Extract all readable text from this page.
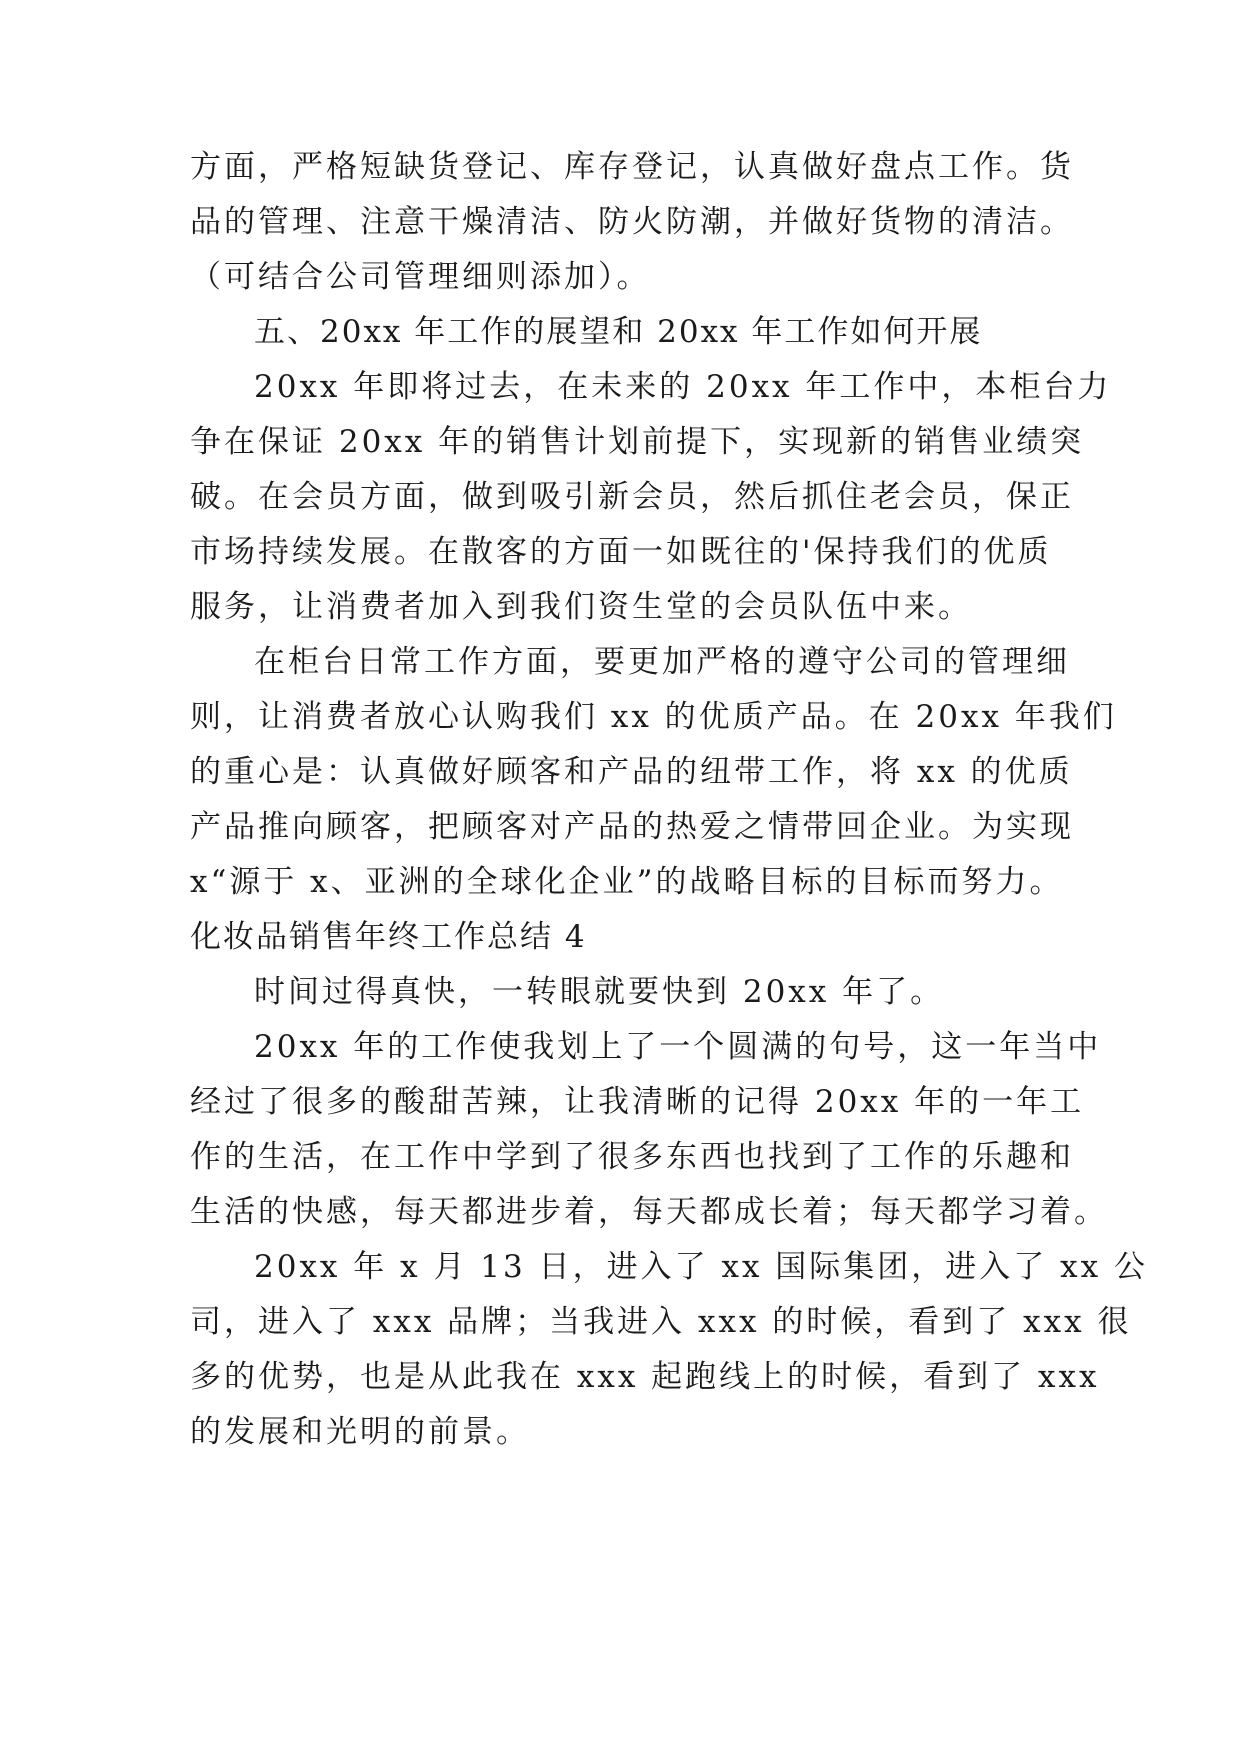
方面，严格短缺货登记、库存登记，认真做好盘点工作。货
品的管理、注意干燥清洁、防火防潮，并做好货物的清洁。
（可结合公司管理细则添加）。
五、20xx 年工作的展望和 20xx 年工作如何开展
20xx 年即将过去，在未来的 20xx 年工作中，本柜台力
争在保证 20xx 年的销售计划前提下，实现新的销售业绩突
破。在会员方面，做到吸引新会员，然后抓住老会员，保正
市场持续发展。在散客的方面一如既往的'保持我们的优质
服务，让消费者加入到我们资生堂的会员队伍中来。
在柜台日常工作方面，要更加严格的遵守公司的管理细
则，让消费者放心认购我们 xx 的优质产品。在 20xx 年我们
的重心是：认真做好顾客和产品的纽带工作，将 xx 的优质
产品推向顾客，把顾客对产品的热爱之情带回企业。为实现
x“源于 x、亚洲的全球化企业”的战略目标的目标而努力。
化妆品销售年终工作总结 4
时间过得真快，一转眼就要快到 20xx 年了。
20xx 年的工作使我划上了一个圆满的句号，这一年当中
经过了很多的酸甜苦辣，让我清晰的记得 20xx 年的一年工
作的生活，在工作中学到了很多东西也找到了工作的乐趣和
生活的快感，每天都进步着，每天都成长着；每天都学习着。
20xx 年 x 月 13 日，进入了 xx 国际集团，进入了 xx 公
司，进入了 xxx 品牌；当我进入 xxx 的时候，看到了 xxx 很
多的优势，也是从此我在 xxx 起跑线上的时候，看到了 xxx
的发展和光明的前景。
